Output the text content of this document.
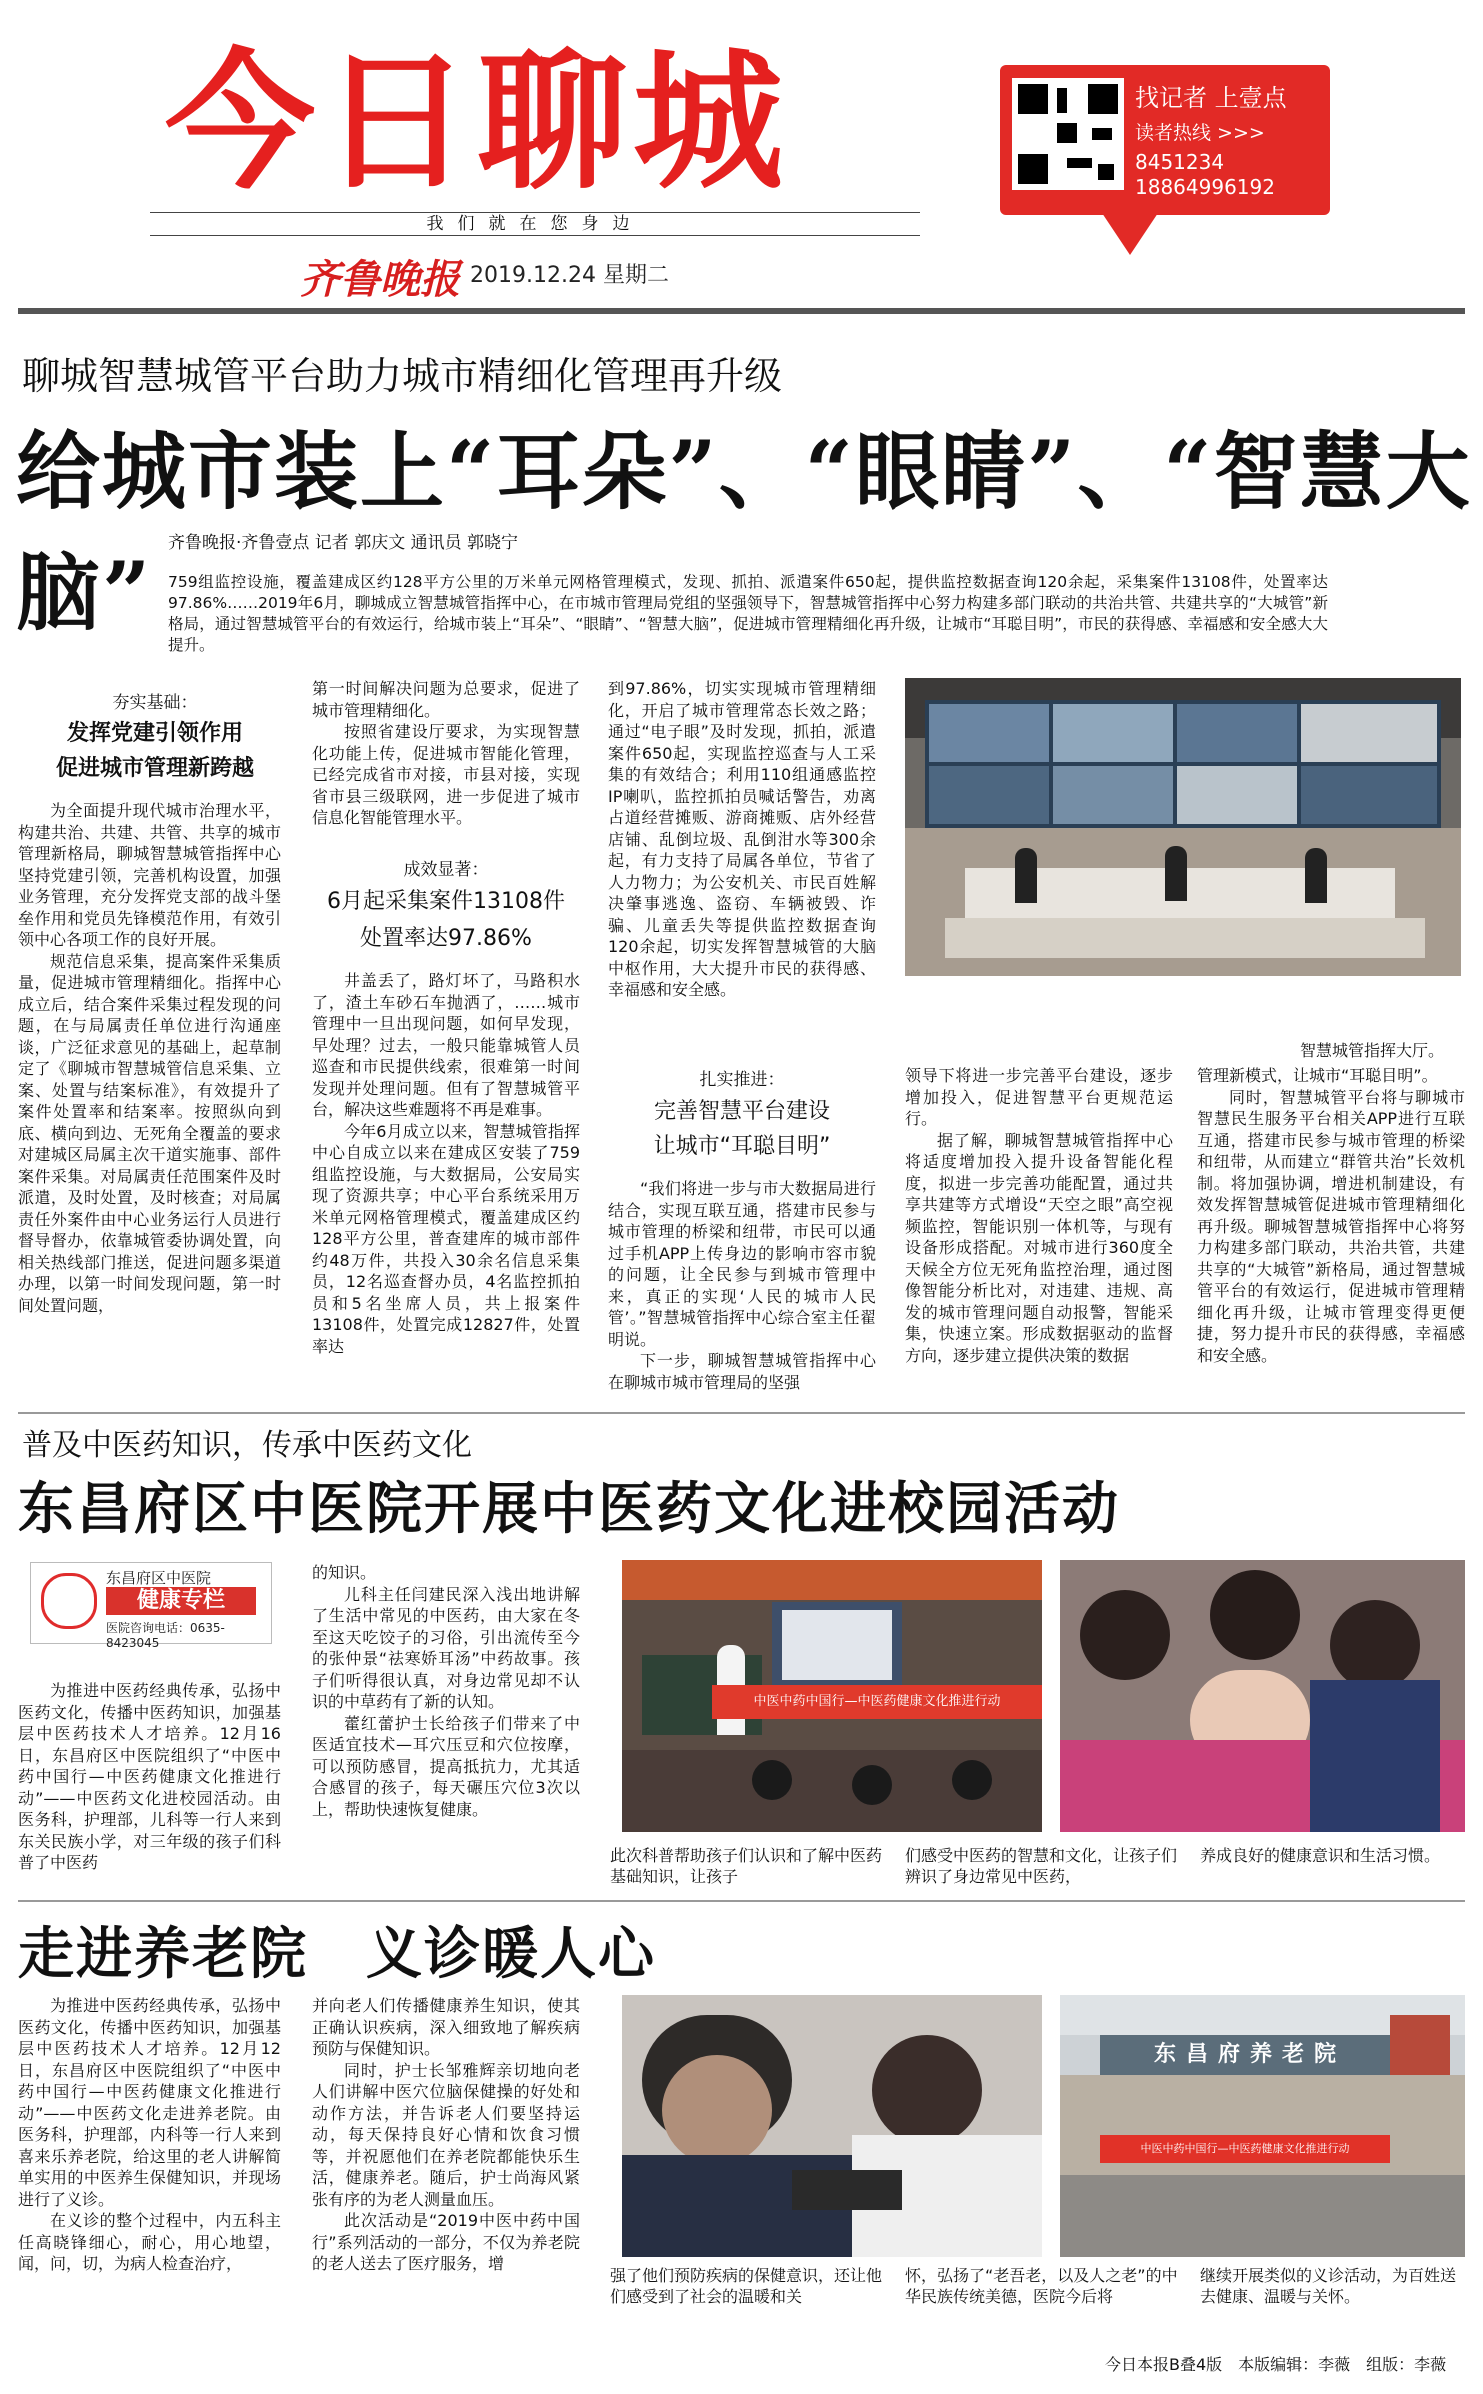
今日聊城
我们就在您身边
齐鲁晚报 2019.12.24 星期二
找记者 上壹点
读者热线 >>>
8451234
18864996192
聊城智慧城管平台助力城市精细化管理再升级
给城市装上“耳朵”、“眼睛”、“智慧大脑” 齐鲁晚报·齐鲁壹点 记者 郭庆文 通讯员 郭晓宁
759组监控设施，覆盖建成区约128平方公里的万米单元网格管理模式，发现、抓拍、派遣案件650起，提供监控数据查询120余起，采集案件13108件，处置率达97.86%……2019年6月，聊城成立智慧城管指挥中心，在市城市管理局党组的坚强领导下，智慧城管指挥中心努力构建多部门联动的共治共管、共建共享的“大城管”新格局，通过智慧城管平台的有效运行，给城市装上“耳朵”、“眼睛”、“智慧大脑”，促进城市管理精细化再升级，让城市“耳聪目明”，市民的获得感、幸福感和安全感大大提升。
夯实基础：
发挥党建引领作用
促进城市管理新跨越

为全面提升现代城市治理水平，构建共治、共建、共管、共享的城市管理新格局，聊城智慧城管指挥中心坚持党建引领，完善机构设置，加强业务管理，充分发挥党支部的战斗堡垒作用和党员先锋模范作用，有效引领中心各项工作的良好开展。

规范信息采集，提高案件采集质量，促进城市管理精细化。指挥中心成立后，结合案件采集过程发现的问题，在与局属责任单位进行沟通座谈，广泛征求意见的基础上，起草制定了《聊城市智慧城管信息采集、立案、处置与结案标准》，有效提升了案件处置率和结案率。按照纵向到底、横向到边、无死角全覆盖的要求对建城区局属主次干道实施事、部件案件采集。对局属责任范围案件及时派遣，及时处置，及时核查；对局属责任外案件由中心业务运行人员进行督导督办，依靠城管委协调处置，向相关热线部门推送，促进问题多渠道办理，以第一时间发现问题，第一时间处置问题，

第一时间解决问题为总要求，促进了城市管理精细化。

按照省建设厅要求，为实现智慧化功能上传，促进城市智能化管理，已经完成省市对接，市县对接，实现省市县三级联网，进一步促进了城市信息化智能管理水平。

成效显著：
6月起采集案件13108件
处置率达97.86%

井盖丢了，路灯坏了，马路积水了，渣土车砂石车抛洒了，……城市管理中一旦出现问题，如何早发现，早处理？过去，一般只能靠城管人员巡查和市民提供线索，很难第一时间发现并处理问题。但有了智慧城管平台，解决这些难题将不再是难事。

今年6月成立以来，智慧城管指挥中心自成立以来在建成区安装了759组监控设施，与大数据局，公安局实现了资源共享；中心平台系统采用万米单元网格管理模式，覆盖建成区约128平方公里，普查建库的城市部件约48万件，共投入30余名信息采集员，12名巡查督办员，4名监控抓拍员和5名坐席人员，共上报案件13108件，处置完成12827件，处置率达

到97.86%，切实实现城市管理精细化，开启了城市管理常态长效之路；通过“电子眼”及时发现，抓拍，派遣案件650起，实现监控巡查与人工采集的有效结合；利用110组通感监控IP喇叭，监控抓拍员喊话警告，劝离占道经营摊贩、游商摊贩、店外经营店铺、乱倒垃圾、乱倒泔水等300余起，有力支持了局属各单位，节省了人力物力；为公安机关、市民百姓解决肇事逃逸、盗窃、车辆被毁、诈骗、儿童丢失等提供监控数据查询120余起，切实发挥智慧城管的大脑中枢作用，大大提升市民的获得感、幸福感和安全感。

扎实推进：
完善智慧平台建设
让城市“耳聪目明”

“我们将进一步与市大数据局进行结合，实现互联互通，搭建市民参与城市管理的桥梁和纽带，市民可以通过手机APP上传身边的影响市容市貌的问题，让全民参与到城市管理中来，真正的实现‘人民的城市人民管’。”智慧城管指挥中心综合室主任翟明说。

下一步，聊城智慧城管指挥中心在聊城市城市管理局的坚强

智慧城管指挥大厅。

领导下将进一步完善平台建设，逐步增加投入，促进智慧平台更规范运行。

据了解，聊城智慧城管指挥中心将适度增加投入提升设备智能化程度，拟进一步完善功能配置，通过共享共建等方式增设“天空之眼”高空视频监控，智能识别一体机等，与现有设备形成搭配。对城市进行360度全天候全方位无死角监控治理，通过图像智能分析比对，对违建、违规、高发的城市管理问题自动报警，智能采集，快速立案。形成数据驱动的监督方向，逐步建立提供决策的数据

管理新模式，让城市“耳聪目明”。

同时，智慧城管平台将与聊城市智慧民生服务平台相关APP进行互联互通，搭建市民参与城市管理的桥梁和纽带，从而建立“群管共治”长效机制。将加强协调，增进机制建设，有效发挥智慧城管促进城市管理精细化再升级。聊城智慧城管指挥中心将努力构建多部门联动，共治共管，共建共享的“大城管”新格局，通过智慧城管平台的有效运行，促进城市管理精细化再升级，让城市管理变得更便捷，努力提升市民的获得感，幸福感和安全感。

普及中医药知识，传承中医药文化
东昌府区中医院开展中医药文化进校园活动
东昌府区中医院
健康专栏
医院咨询电话：0635-8423045

为推进中医药经典传承，弘扬中医药文化，传播中医药知识，加强基层中医药技术人才培养。12月16日，东昌府区中医院组织了“中医中药中国行—中医药健康文化推进行动”——中医药文化进校园活动。由医务科，护理部，儿科等一行人来到东关民族小学，对三年级的孩子们科普了中医药

的知识。

儿科主任闫建民深入浅出地讲解了生活中常见的中医药，由大家在冬至这天吃饺子的习俗，引出流传至今的张仲景“祛寒娇耳汤”中药故事。孩子们听得很认真，对身边常见却不认识的中草药有了新的认知。

藿红蕾护士长给孩子们带来了中医适宜技术—耳穴压豆和穴位按摩，可以预防感冒，提高抵抗力，尤其适合感冒的孩子，每天碾压穴位3次以上，帮助快速恢复健康。

中医中药中国行—中医药健康文化推进行动
此次科普帮助孩子们认识和了解中医药基础知识，让孩子
们感受中医药的智慧和文化，让孩子们辨识了身边常见中医药，
养成良好的健康意识和生活习惯。
走进养老院　义诊暖人心

为推进中医药经典传承，弘扬中医药文化，传播中医药知识，加强基层中医药技术人才培养。12月12日，东昌府区中医院组织了“中医中药中国行—中医药健康文化推进行动”——中医药文化走进养老院。由医务科，护理部，内科等一行人来到喜来乐养老院，给这里的老人讲解简单实用的中医养生保健知识，并现场进行了义诊。

在义诊的整个过程中，内五科主任高晓锋细心，耐心，用心地望，闻，问，切，为病人检查治疗，

并向老人们传播健康养生知识，使其正确认识疾病，深入细致地了解疾病预防与保健知识。

同时，护士长邹雅辉亲切地向老人们讲解中医穴位脑保健操的好处和动作方法，并告诉老人们要坚持运动，每天保持良好心情和饮食习惯等，并祝愿他们在养老院都能快乐生活，健康养老。随后，护士尚海风紧张有序的为老人测量血压。

此次活动是“2019中医中药中国行”系列活动的一部分，不仅为养老院的老人送去了医疗服务，增

东昌府养老院
中医中药中国行—中医药健康文化推进行动
强了他们预防疾病的保健意识，还让他们感受到了社会的温暖和关
怀，弘扬了“老吾老，以及人之老”的中华民族传统美德，医院今后将
继续开展类似的义诊活动，为百姓送去健康、温暖与关怀。
今日本报B叠4版　本版编辑：李薇　组版：李薇
